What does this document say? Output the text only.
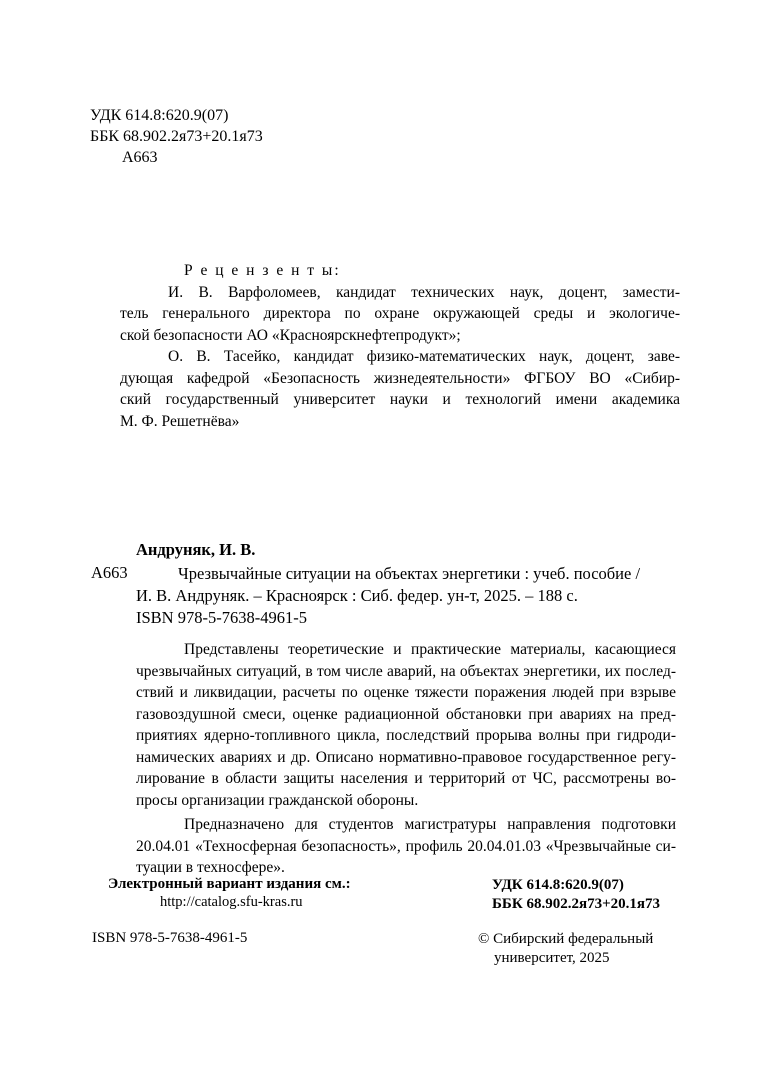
УДК 614.8:620.9(07)
ББК 68.902.2я73+20.1я73
А663
Р е ц е н з е н т ы:
И. В. Варфоломеев, кандидат технических наук, доцент, замести-
тель генерального директора по охране окружающей среды и экологиче-
ской безопасности АО «Красноярскнефтепродукт»;
О. В. Тасейко, кандидат физико-математических наук, доцент, заве-
дующая кафедрой «Безопасность жизнедеятельности» ФГБОУ ВО «Сибир-
ский государственный университет науки и технологий имени академика
М. Ф. Решетнёва»
Андруняк, И. В.
А663	Чрезвычайные ситуации на объектах энергетики : учеб. пособие /
И. В. Андруняк. – Красноярск : Сиб. федер. ун-т, 2025. – 188 с.
ISBN 978-5-7638-4961-5
Представлены теоретические и практические материалы, касающиеся
чрезвычайных ситуаций, в том числе аварий, на объектах энергетики, их послед-
ствий и ликвидации, расчеты по оценке тяжести поражения людей при взрыве
газовоздушной смеси, оценке радиационной обстановки при авариях на пред-
приятиях ядерно-топливного цикла, последствий прорыва волны при гидроди-
намических авариях и др. Описано нормативно-правовое государственное регу-
лирование в области защиты населения и территорий от ЧС, рассмотрены во-
просы организации гражданской обороны.
Предназначено для студентов магистратуры направления подготовки
20.04.01 «Техносферная безопасность», профиль 20.04.01.03 «Чрезвычайные си-
туации в техносфере».
Электронный вариант издания см.:
http://catalog.sfu-kras.ru
УДК 614.8:620.9(07)
ББК 68.902.2я73+20.1я73
ISBN 978-5-7638-4961-5	© Сибирский федеральный
университет, 2025
